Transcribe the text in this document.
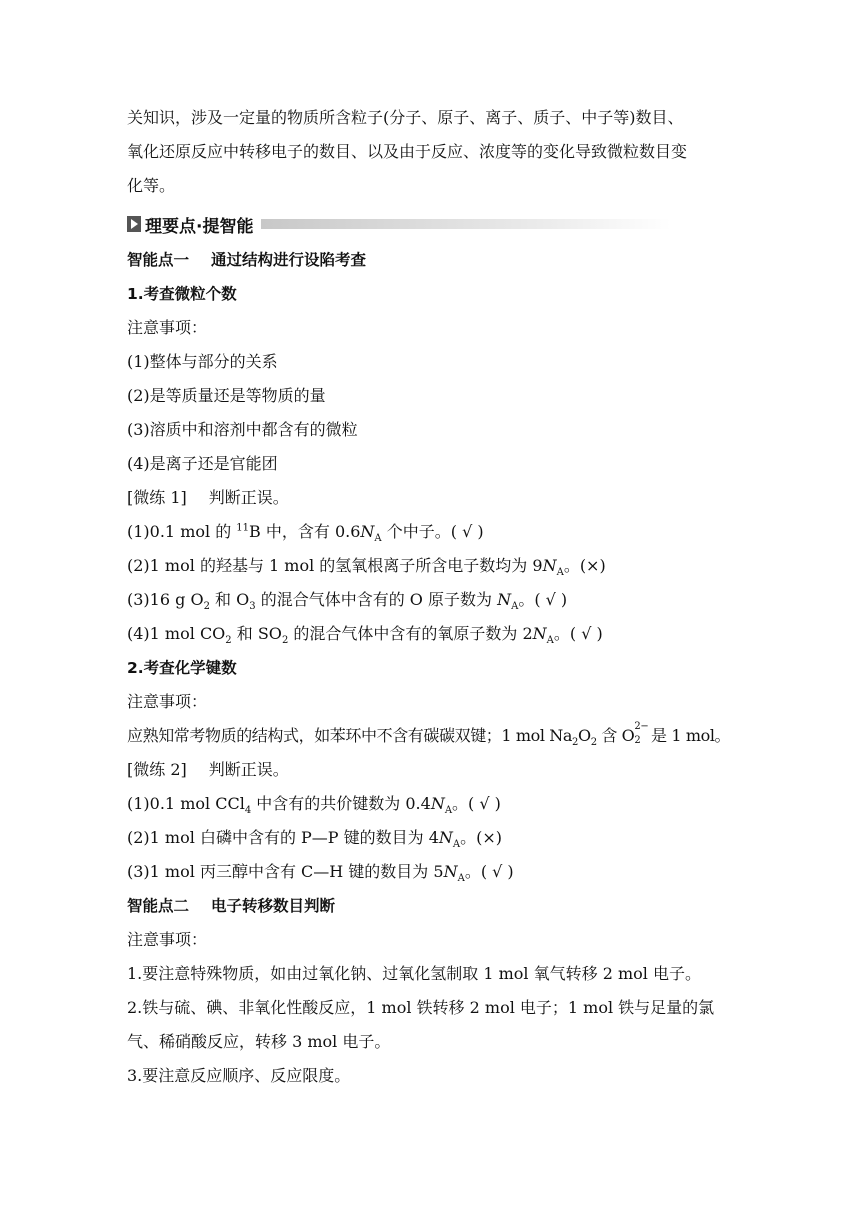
关知识，涉及一定量的物质所含粒子(分子、原子、离子、质子、中子等)数目、
氧化还原反应中转移电子的数目、以及由于反应、浓度等的变化导致微粒数目变
化等。
理要点·提智能
智能点一 通过结构进行设陷考查
1.考查微粒个数
注意事项：
(1)整体与部分的关系
(2)是等质量还是等物质的量
(3)溶质中和溶剂中都含有的微粒
(4)是离子还是官能团
[微练 1] 判断正误。
(1)0.1 mol 的 $^{11}$B 中，含有 $0.6N_A$ 个中子。( √ )
(2)1 mol 的羟基与 1 mol 的氢氧根离子所含电子数均为 $9N_A$。(×)
(3)16 g $O_2$ 和 $O_3$ 的混合气体中含有的 O 原子数为 $N_A$。( √ )
(4)1 mol $CO_2$ 和 $SO_2$ 的混合气体中含有的氧原子数为 $2N_A$。( √ )
2.考查化学键数
注意事项：
应熟知常考物质的结构式，如苯环中不含有碳碳双键；1 mol $Na_2O_2$ 含 O 2−
2 是 1 mol。
[微练 2] 判断正误。
(1)0.1 mol CCl$_4$ 中含有的共价键数为 $0.4N_A$。( √ )
(2)1 mol 白磷中含有的 P—P 键的数目为 $4N_A$。(×)
(3)1 mol 丙三醇中含有 C—H 键的数目为 $5N_A$。( √ )
智能点二 电子转移数目判断
注意事项：
1.要注意特殊物质，如由过氧化钠、过氧化氢制取 1 mol 氧气转移 2 mol 电子。
2.铁与硫、碘、非氧化性酸反应，1 mol 铁转移 2 mol 电子；1 mol 铁与足量的氯
气、稀硝酸反应，转移 3 mol 电子。
3.要注意反应顺序、反应限度。
